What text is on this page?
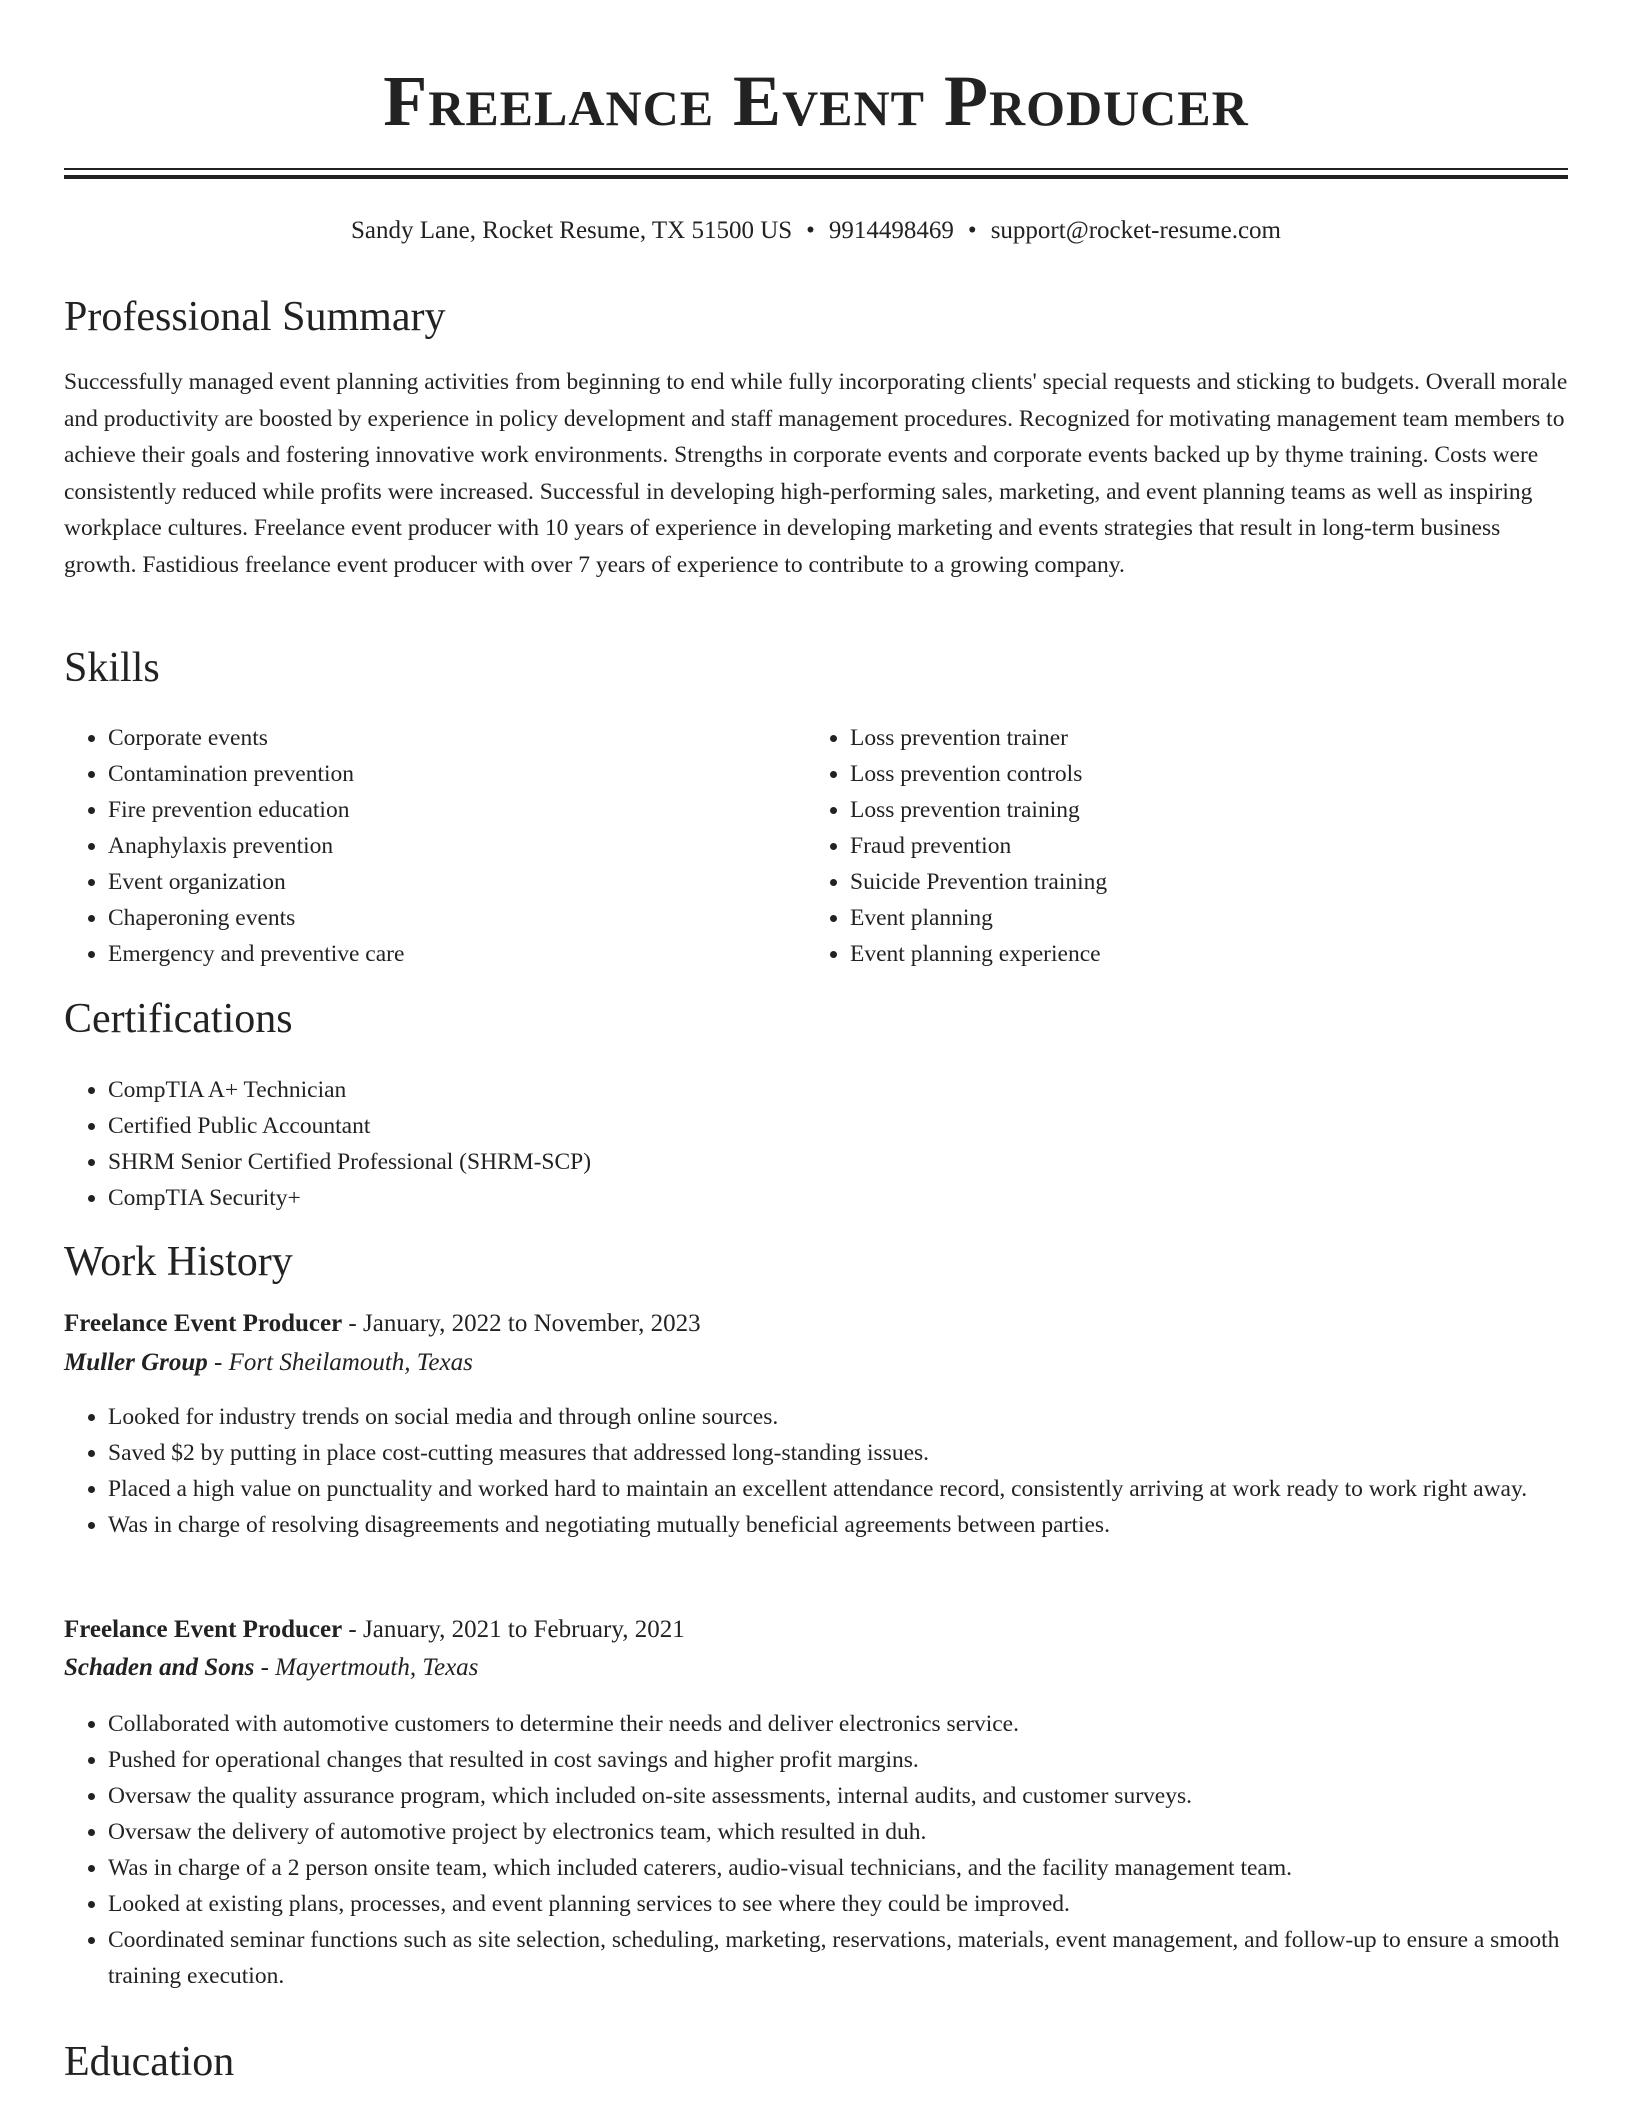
Freelance Event Producer
Sandy Lane, Rocket Resume, TX 51500 US • 9914498469 • support@rocket-resume.com
Professional Summary

Successfully managed event planning activities from beginning to end while fully incorporating clients' special requests and sticking to budgets. Overall morale and productivity are boosted by experience in policy development and staff management procedures. Recognized for motivating management team members to achieve their goals and fostering innovative work environments. Strengths in corporate events and corporate events backed up by thyme training. Costs were consistently reduced while profits were increased. Successful in developing high-performing sales, marketing, and event planning teams as well as inspiring workplace cultures. Freelance event producer with 10 years of experience in developing marketing and events strategies that result in long-term business growth. Fastidious freelance event producer with over 7 years of experience to contribute to a growing company.

Skills
• Corporate events
• Contamination prevention
• Fire prevention education
• Anaphylaxis prevention
• Event organization
• Chaperoning events
• Emergency and preventive care
• Loss prevention trainer
• Loss prevention controls
• Loss prevention training
• Fraud prevention
• Suicide Prevention training
• Event planning
• Event planning experience
Certifications
• CompTIA A+ Technician
• Certified Public Accountant
• SHRM Senior Certified Professional (SHRM-SCP)
• CompTIA Security+
Work History
Freelance Event Producer - January, 2022 to November, 2023
Muller Group - Fort Sheilamouth, Texas
• Looked for industry trends on social media and through online sources.
• Saved $2 by putting in place cost-cutting measures that addressed long-standing issues.
• Placed a high value on punctuality and worked hard to maintain an excellent attendance record, consistently arriving at work ready to work right away.
• Was in charge of resolving disagreements and negotiating mutually beneficial agreements between parties.
Freelance Event Producer - January, 2021 to February, 2021
Schaden and Sons - Mayertmouth, Texas
• Collaborated with automotive customers to determine their needs and deliver electronics service.
• Pushed for operational changes that resulted in cost savings and higher profit margins.
• Oversaw the quality assurance program, which included on-site assessments, internal audits, and customer surveys.
• Oversaw the delivery of automotive project by electronics team, which resulted in duh.
• Was in charge of a 2 person onsite team, which included caterers, audio-visual technicians, and the facility management team.
• Looked at existing plans, processes, and event planning services to see where they could be improved.
• Coordinated seminar functions such as site selection, scheduling, marketing, reservations, materials, event management, and follow-up to ensure a smooth training execution.
Education
